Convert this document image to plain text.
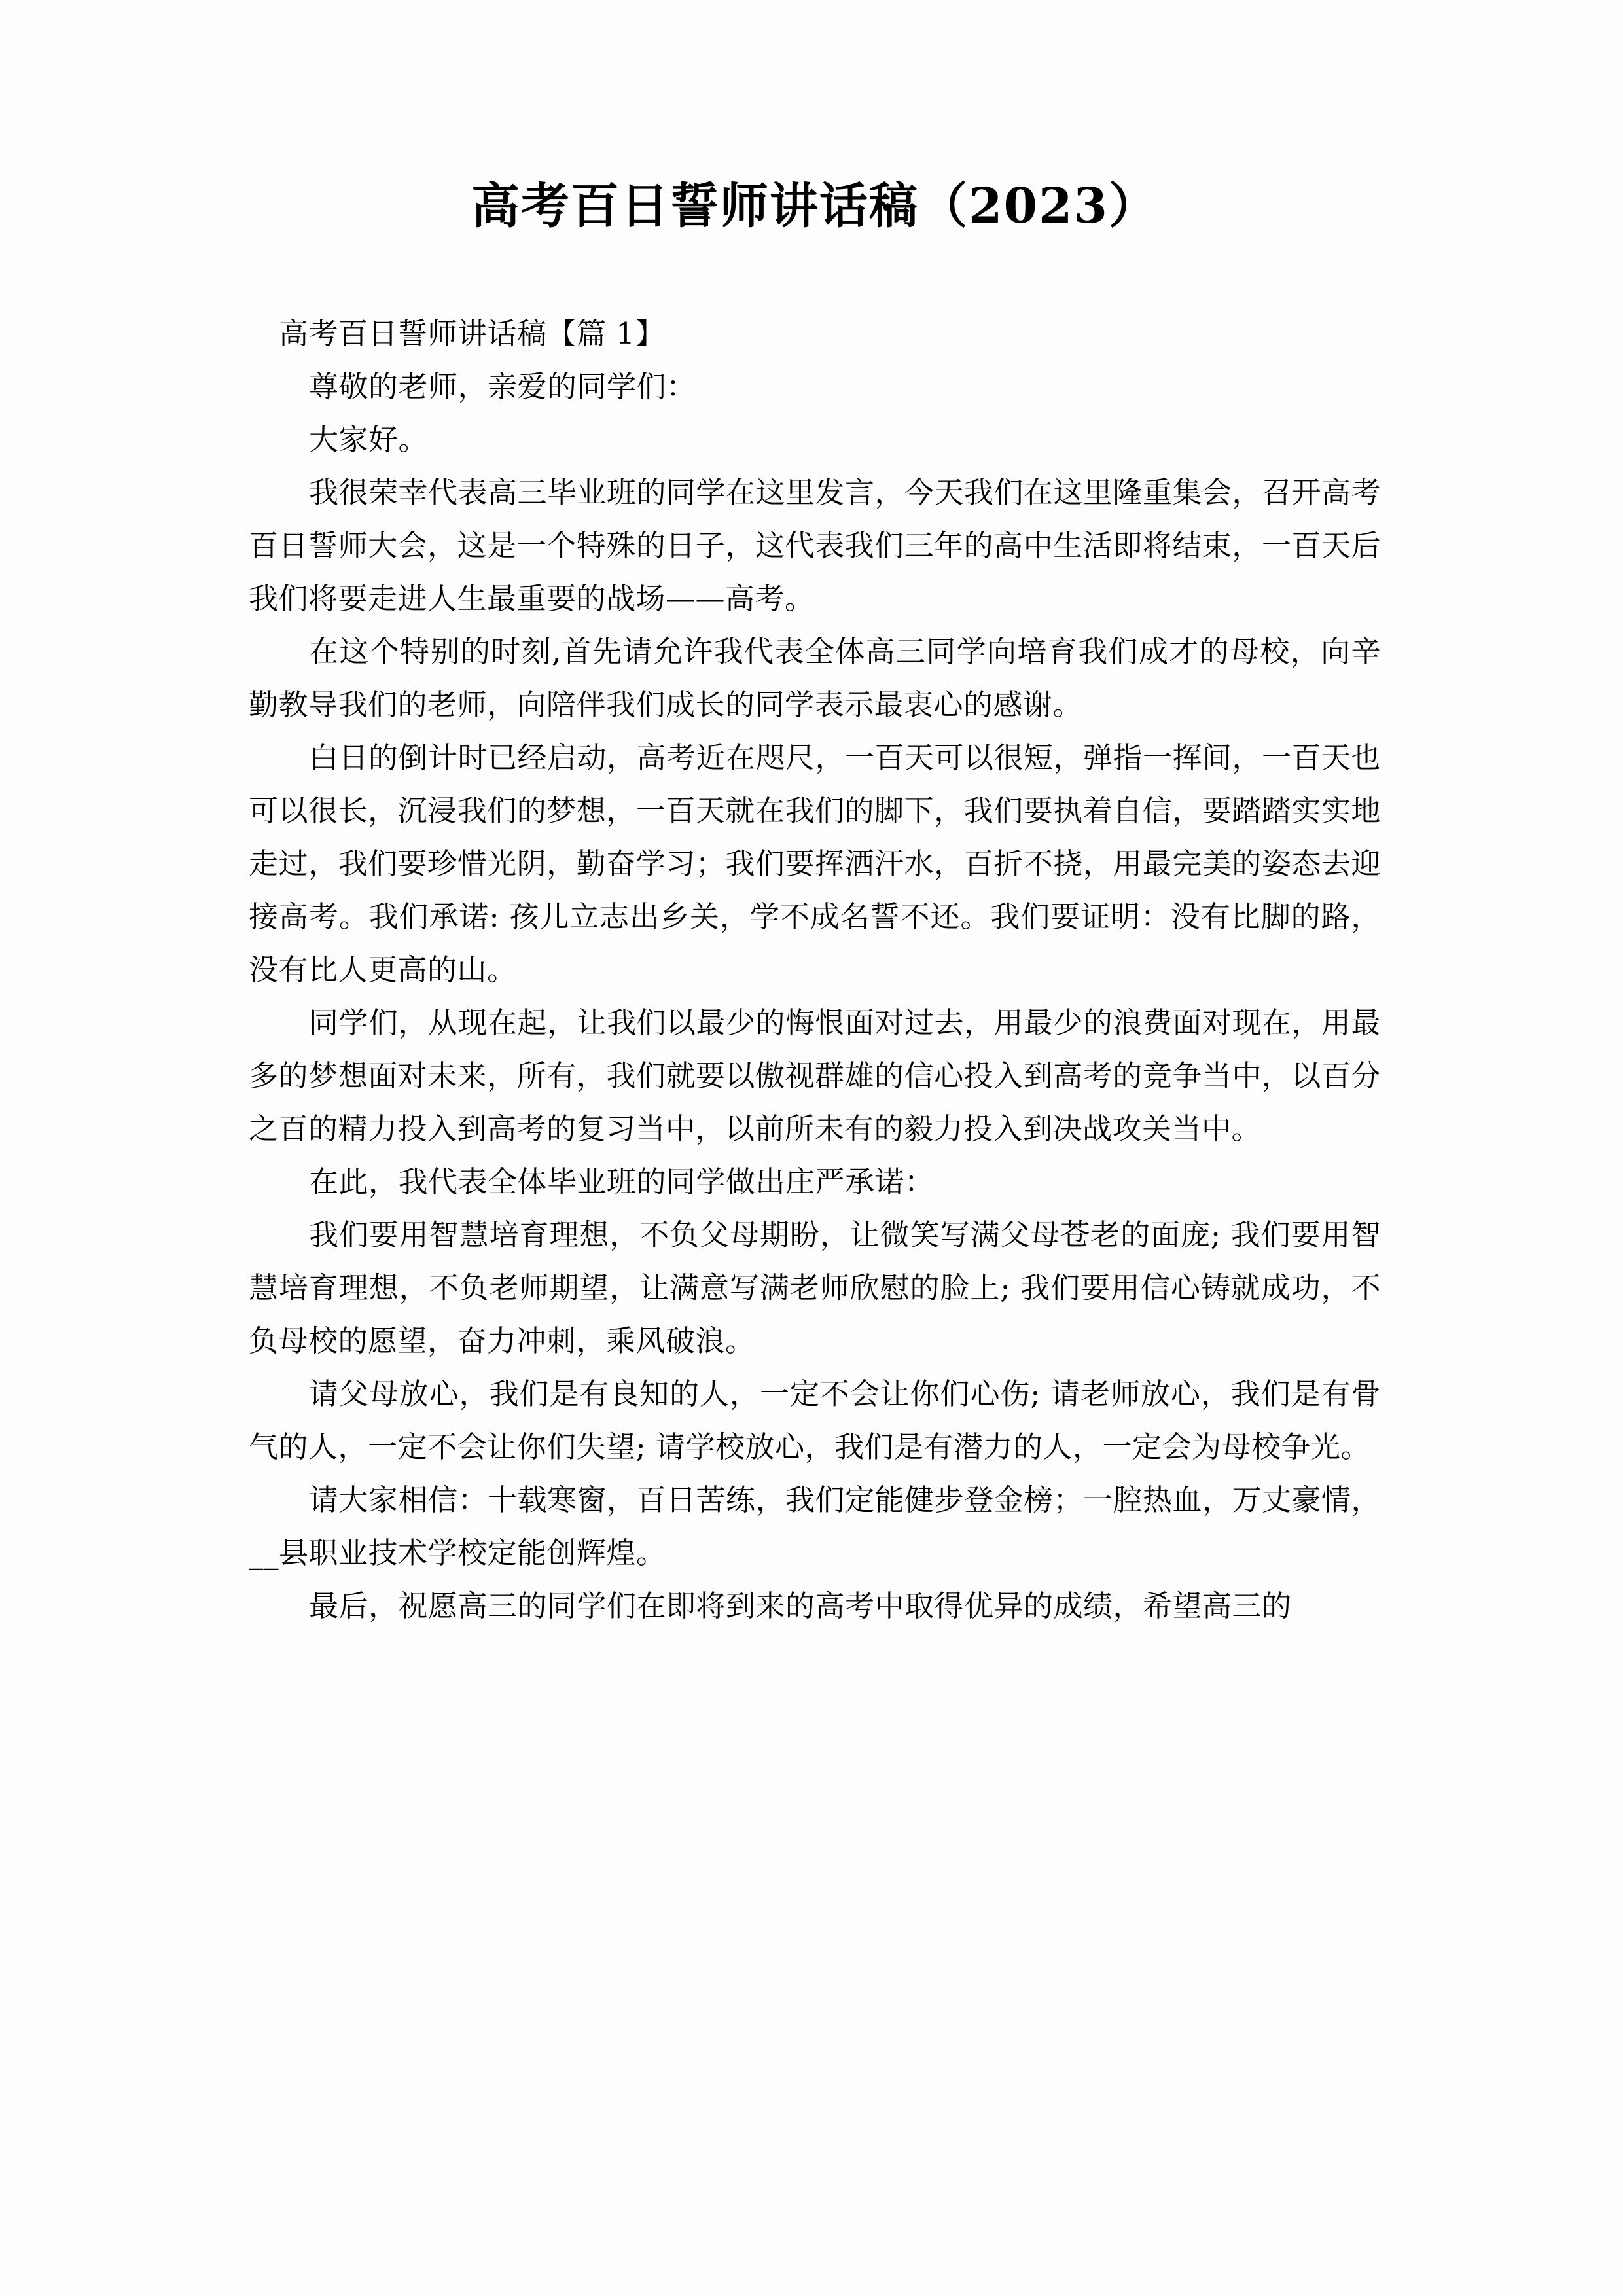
高考百日誓师讲话稿（2023）

高考百日誓师讲话稿【篇 1】

尊敬的老师，亲爱的同学们：

大家好。

我很荣幸代表高三毕业班的同学在这里发言，今天我们在这里隆重集会，召开高考百日誓师大会，这是一个特殊的日子，这代表我们三年的高中生活即将结束，一百天后我们将要走进人生最重要的战场——高考。

在这个特别的时刻,首先请允许我代表全体高三同学向培育我们成才的母校，向辛勤教导我们的老师，向陪伴我们成长的同学表示最衷心的感谢。

白日的倒计时已经启动，高考近在咫尺，一百天可以很短，弹指一挥间，一百天也可以很长，沉浸我们的梦想，一百天就在我们的脚下，我们要执着自信，要踏踏实实地走过，我们要珍惜光阴，勤奋学习；我们要挥洒汗水，百折不挠，用最完美的姿态去迎接高考。我们承诺: 孩儿立志出乡关，学不成名誓不还。我们要证明：没有比脚的路，没有比人更高的山。

同学们，从现在起，让我们以最少的悔恨面对过去，用最少的浪费面对现在，用最多的梦想面对未来，所有，我们就要以傲视群雄的信心投入到高考的竞争当中，以百分之百的精力投入到高考的复习当中，以前所未有的毅力投入到决战攻关当中。

在此，我代表全体毕业班的同学做出庄严承诺：

我们要用智慧培育理想，不负父母期盼，让微笑写满父母苍老的面庞; 我们要用智慧培育理想，不负老师期望，让满意写满老师欣慰的脸上; 我们要用信心铸就成功，不负母校的愿望，奋力冲刺，乘风破浪。

请父母放心，我们是有良知的人，一定不会让你们心伤; 请老师放心，我们是有骨气的人，一定不会让你们失望; 请学校放心，我们是有潜力的人，一定会为母校争光。

请大家相信：十载寒窗，百日苦练，我们定能健步登金榜；一腔热血，万丈豪情，__县职业技术学校定能创辉煌。

最后，祝愿高三的同学们在即将到来的高考中取得优异的成绩，希望高三的
